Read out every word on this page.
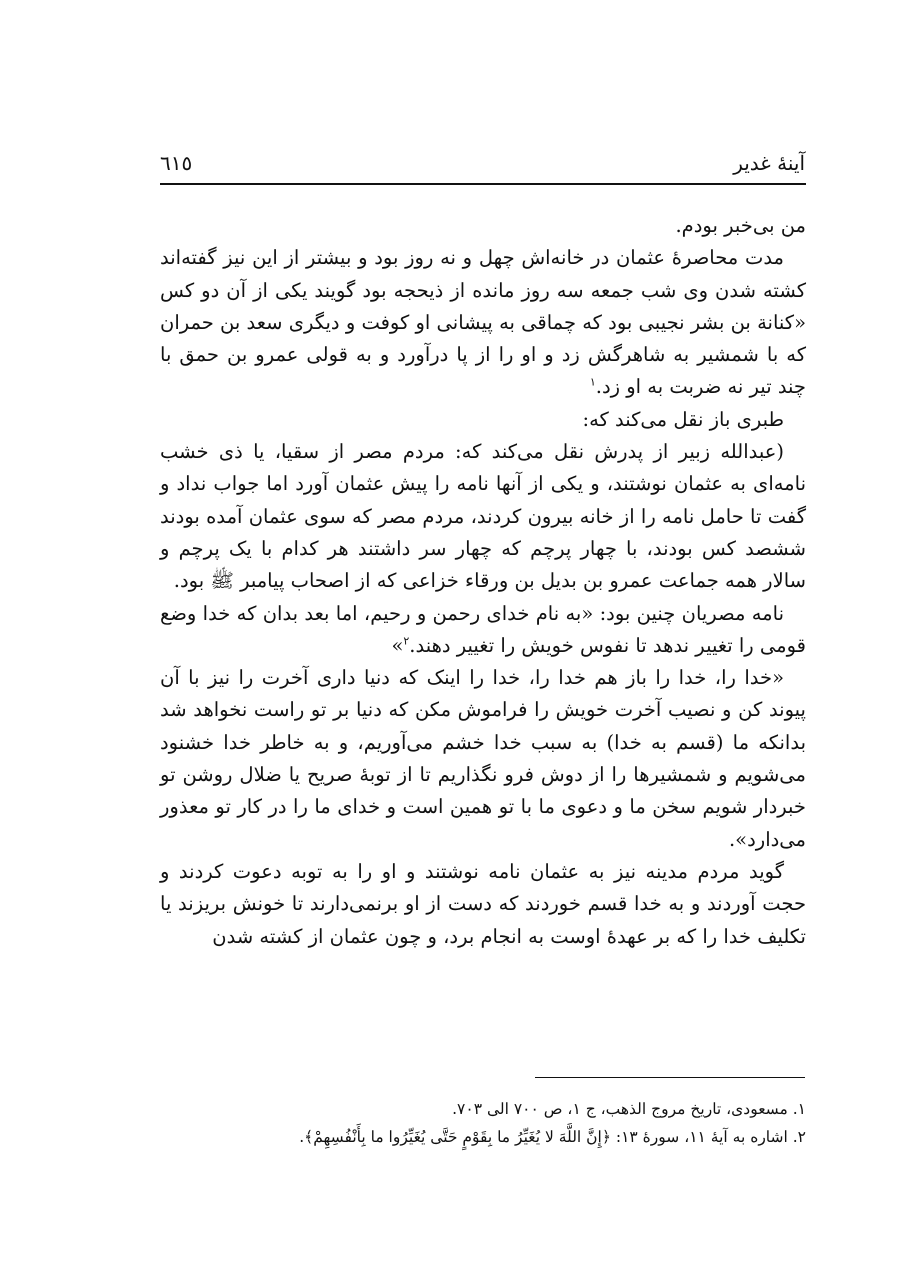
آینهٔ غدیر
٦١٥

من بی‌خبر بودم.

مدت محاصرهٔ عثمان در خانه‌اش چهل و نه روز بود و بیشتر از این نیز گفته‌اند کشته شدن وی شب جمعه سه روز مانده از ذیحجه بود گویند یکی از آن دو کس «کنانة بن بشر نجیبی بود که چماقی به پیشانی او کوفت و دیگری سعد بن حمران که با شمشیر به شاهرگش زد و او را از پا درآورد و به قولی عمرو بن حمق با چند تیر نه ضربت به او زد.$^١$

طبری باز نقل می‌کند که:

(عبدالله زبیر از پدرش نقل می‌کند که: مردم مصر از سقیا، یا ذی خشب نامه‌ای به عثمان نوشتند، و یکی از آنها نامه را پیش عثمان آورد اما جواب نداد و گفت تا حامل نامه را از خانه بیرون کردند، مردم مصر که سوی عثمان آمده بودند ششصد کس بودند، با چهار پرچم که چهار سر داشتند هر کدام با یک پرچم و سالار همه جماعت عمرو بن بدیل بن ورقاء خزاعی که از اصحاب پیامبر ﷺ بود.

نامه مصریان چنین بود: «به نام خدای رحمن و رحیم، اما بعد بدان که خدا وضع قومی را تغییر ندهد تا نفوس خویش را تغییر دهند.$^٢$»

«خدا را، خدا را باز هم خدا را، خدا را اینک که دنیا داری آخرت را نیز با آن پیوند کن و نصیب آخرت خویش را فراموش مکن که دنیا بر تو راست نخواهد شد بدانکه ما (قسم به خدا) به سبب خدا خشم می‌آوریم، و به خاطر خدا خشنود می‌شویم و شمشیرها را از دوش فرو نگذاریم تا از توبهٔ صریح یا ضلال روشن تو خبردار شویم سخن ما و دعوی ما با تو همین است و خدای ما را در کار تو معذور می‌دارد».

گوید مردم مدینه نیز به عثمان نامه نوشتند و او را به توبه دعوت کردند و حجت آوردند و به خدا قسم خوردند که دست از او برنمی‌دارند تا خونش بریزند یا تکلیف خدا را که بر عهدهٔ اوست به انجام برد، و چون عثمان از کشته شدن

١. مسعودی، تاریخ مروج الذهب، ج ١، ص ٧٠٠ الی ٧٠٣.

٢. اشاره به آیهٔ ١١، سورهٔ ١٣: ﴿إِنَّ اللَّهَ لا يُغَيِّرُ ما بِقَوْمٍ حَتَّى يُغَيِّرُوا ما بِأَنْفُسِهِمْ﴾.
